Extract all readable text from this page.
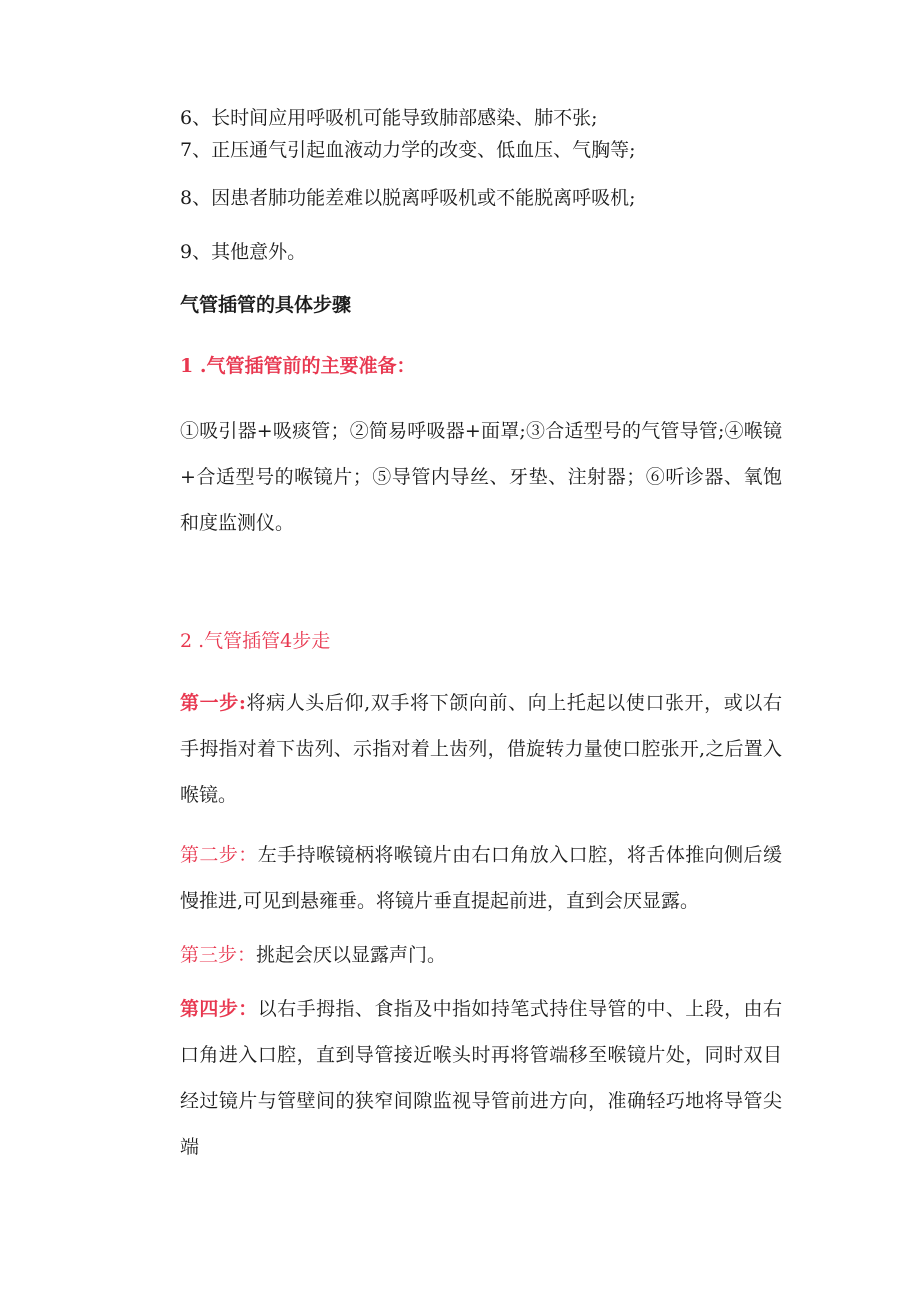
6、长时间应用呼吸机可能导致肺部感染、肺不张;
7、正压通气引起血液动力学的改变、低血压、气胸等;
8、因患者肺功能差难以脱离呼吸机或不能脱离呼吸机;
9、其他意外。
气管插管的具体步骤
1 .气管插管前的主要准备：
①吸引器+吸痰管；②简易呼吸器+面罩;③合适型号的气管导管;④喉镜+合适型号的喉镜片；⑤导管内导丝、牙垫、注射器；⑥听诊器、氧饱和度监测仪。
2 .气管插管4步走
第一步:将病人头后仰,双手将下颌向前、向上托起以使口张开，或以右手拇指对着下齿列、示指对着上齿列，借旋转力量使口腔张开,之后置入喉镜。
第二步：左手持喉镜柄将喉镜片由右口角放入口腔，将舌体推向侧后缓慢推进,可见到悬雍垂。将镜片垂直提起前进，直到会厌显露。
第三步：挑起会厌以显露声门。
第四步：以右手拇指、食指及中指如持笔式持住导管的中、上段，由右口角进入口腔，直到导管接近喉头时再将管端移至喉镜片处，同时双目经过镜片与管壁间的狭窄间隙监视导管前进方向，准确轻巧地将导管尖端
